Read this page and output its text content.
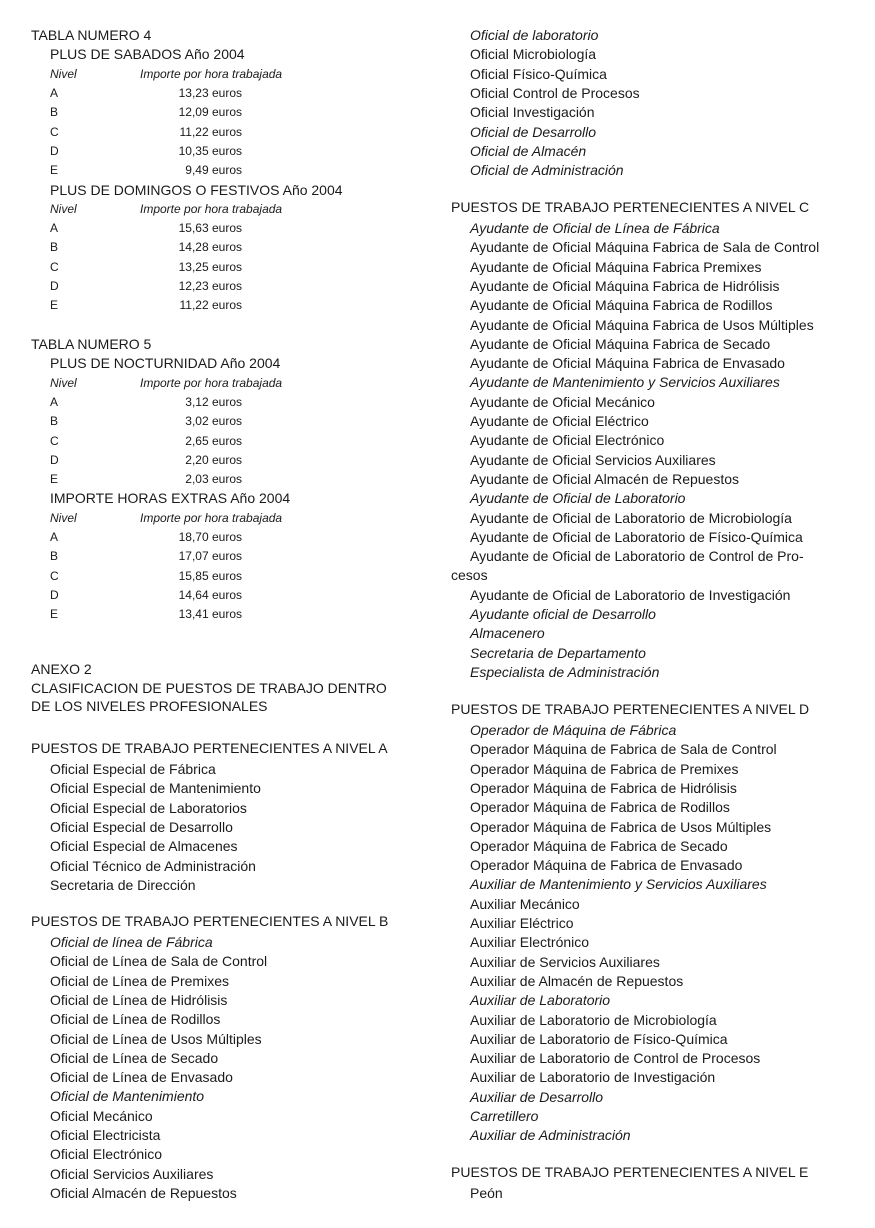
TABLA NUMERO 4
PLUS DE SABADOS Año 2004
Nivel	Importe por hora trabajada
A	13,23 euros
B	12,09 euros
C	11,22 euros
D	10,35 euros
E	9,49 euros
PLUS DE DOMINGOS O FESTIVOS Año 2004
Nivel	Importe por hora trabajada
A	15,63 euros
B	14,28 euros
C	13,25 euros
D	12,23 euros
E	11,22 euros
TABLA NUMERO 5
PLUS DE NOCTURNIDAD Año 2004
Nivel	Importe por hora trabajada
A	3,12 euros
B	3,02 euros
C	2,65 euros
D	2,20 euros
E	2,03 euros
IMPORTE HORAS EXTRAS Año 2004
Nivel	Importe por hora trabajada
A	18,70 euros
B	17,07 euros
C	15,85 euros
D	14,64 euros
E	13,41 euros
ANEXO 2
CLASIFICACION DE PUESTOS DE TRABAJO DENTRO
DE LOS NIVELES PROFESIONALES
PUESTOS DE TRABAJO PERTENECIENTES A NIVEL A
Oficial Especial de Fábrica
Oficial Especial de Mantenimiento
Oficial Especial de Laboratorios
Oficial Especial de Desarrollo
Oficial Especial de Almacenes
Oficial Técnico de Administración
Secretaria de Dirección
PUESTOS DE TRABAJO PERTENECIENTES A NIVEL B
Oficial de línea de Fábrica
Oficial de Línea de Sala de Control
Oficial de Línea de Premixes
Oficial de Línea de Hidrólisis
Oficial de Línea de Rodillos
Oficial de Línea de Usos Múltiples
Oficial de Línea de Secado
Oficial de Línea de Envasado
Oficial de Mantenimiento
Oficial Mecánico
Oficial Electricista
Oficial Electrónico
Oficial Servicios Auxiliares
Oficial Almacén de Repuestos
Oficial de laboratorio
Oficial Microbiología
Oficial Físico-Química
Oficial Control de Procesos
Oficial Investigación
Oficial de Desarrollo
Oficial de Almacén
Oficial de Administración
PUESTOS DE TRABAJO PERTENECIENTES A NIVEL C
Ayudante de Oficial de Línea de Fábrica
Ayudante de Oficial Máquina Fabrica de Sala de Control
Ayudante de Oficial Máquina Fabrica Premixes
Ayudante de Oficial Máquina Fabrica de Hidrólisis
Ayudante de Oficial Máquina Fabrica de Rodillos
Ayudante de Oficial Máquina Fabrica de Usos Múltiples
Ayudante de Oficial Máquina Fabrica de Secado
Ayudante de Oficial Máquina Fabrica de Envasado
Ayudante de Mantenimiento y Servicios Auxiliares
Ayudante de Oficial Mecánico
Ayudante de Oficial Eléctrico
Ayudante de Oficial Electrónico
Ayudante de Oficial Servicios Auxiliares
Ayudante de Oficial Almacén de Repuestos
Ayudante de Oficial de Laboratorio
Ayudante de Oficial de Laboratorio de Microbiología
Ayudante de Oficial de Laboratorio de Físico-Química
Ayudante de Oficial de Laboratorio de Control de Pro-
cesos
Ayudante de Oficial de Laboratorio de Investigación
Ayudante oficial de Desarrollo
Almacenero
Secretaria de Departamento
Especialista de Administración
PUESTOS DE TRABAJO PERTENECIENTES A NIVEL D
Operador de Máquina de Fábrica
Operador Máquina de Fabrica de Sala de Control
Operador Máquina de Fabrica de Premixes
Operador Máquina de Fabrica de Hidrólisis
Operador Máquina de Fabrica de Rodillos
Operador Máquina de Fabrica de Usos Múltiples
Operador Máquina de Fabrica de Secado
Operador Máquina de Fabrica de Envasado
Auxiliar de Mantenimiento y Servicios Auxiliares
Auxiliar Mecánico
Auxiliar Eléctrico
Auxiliar Electrónico
Auxiliar de Servicios Auxiliares
Auxiliar de Almacén de Repuestos
Auxiliar de Laboratorio
Auxiliar de Laboratorio de Microbiología
Auxiliar de Laboratorio de Físico-Química
Auxiliar de Laboratorio de Control de Procesos
Auxiliar de Laboratorio de Investigación
Auxiliar de Desarrollo
Carretillero
Auxiliar de Administración
PUESTOS DE TRABAJO PERTENECIENTES A NIVEL E
Peón
